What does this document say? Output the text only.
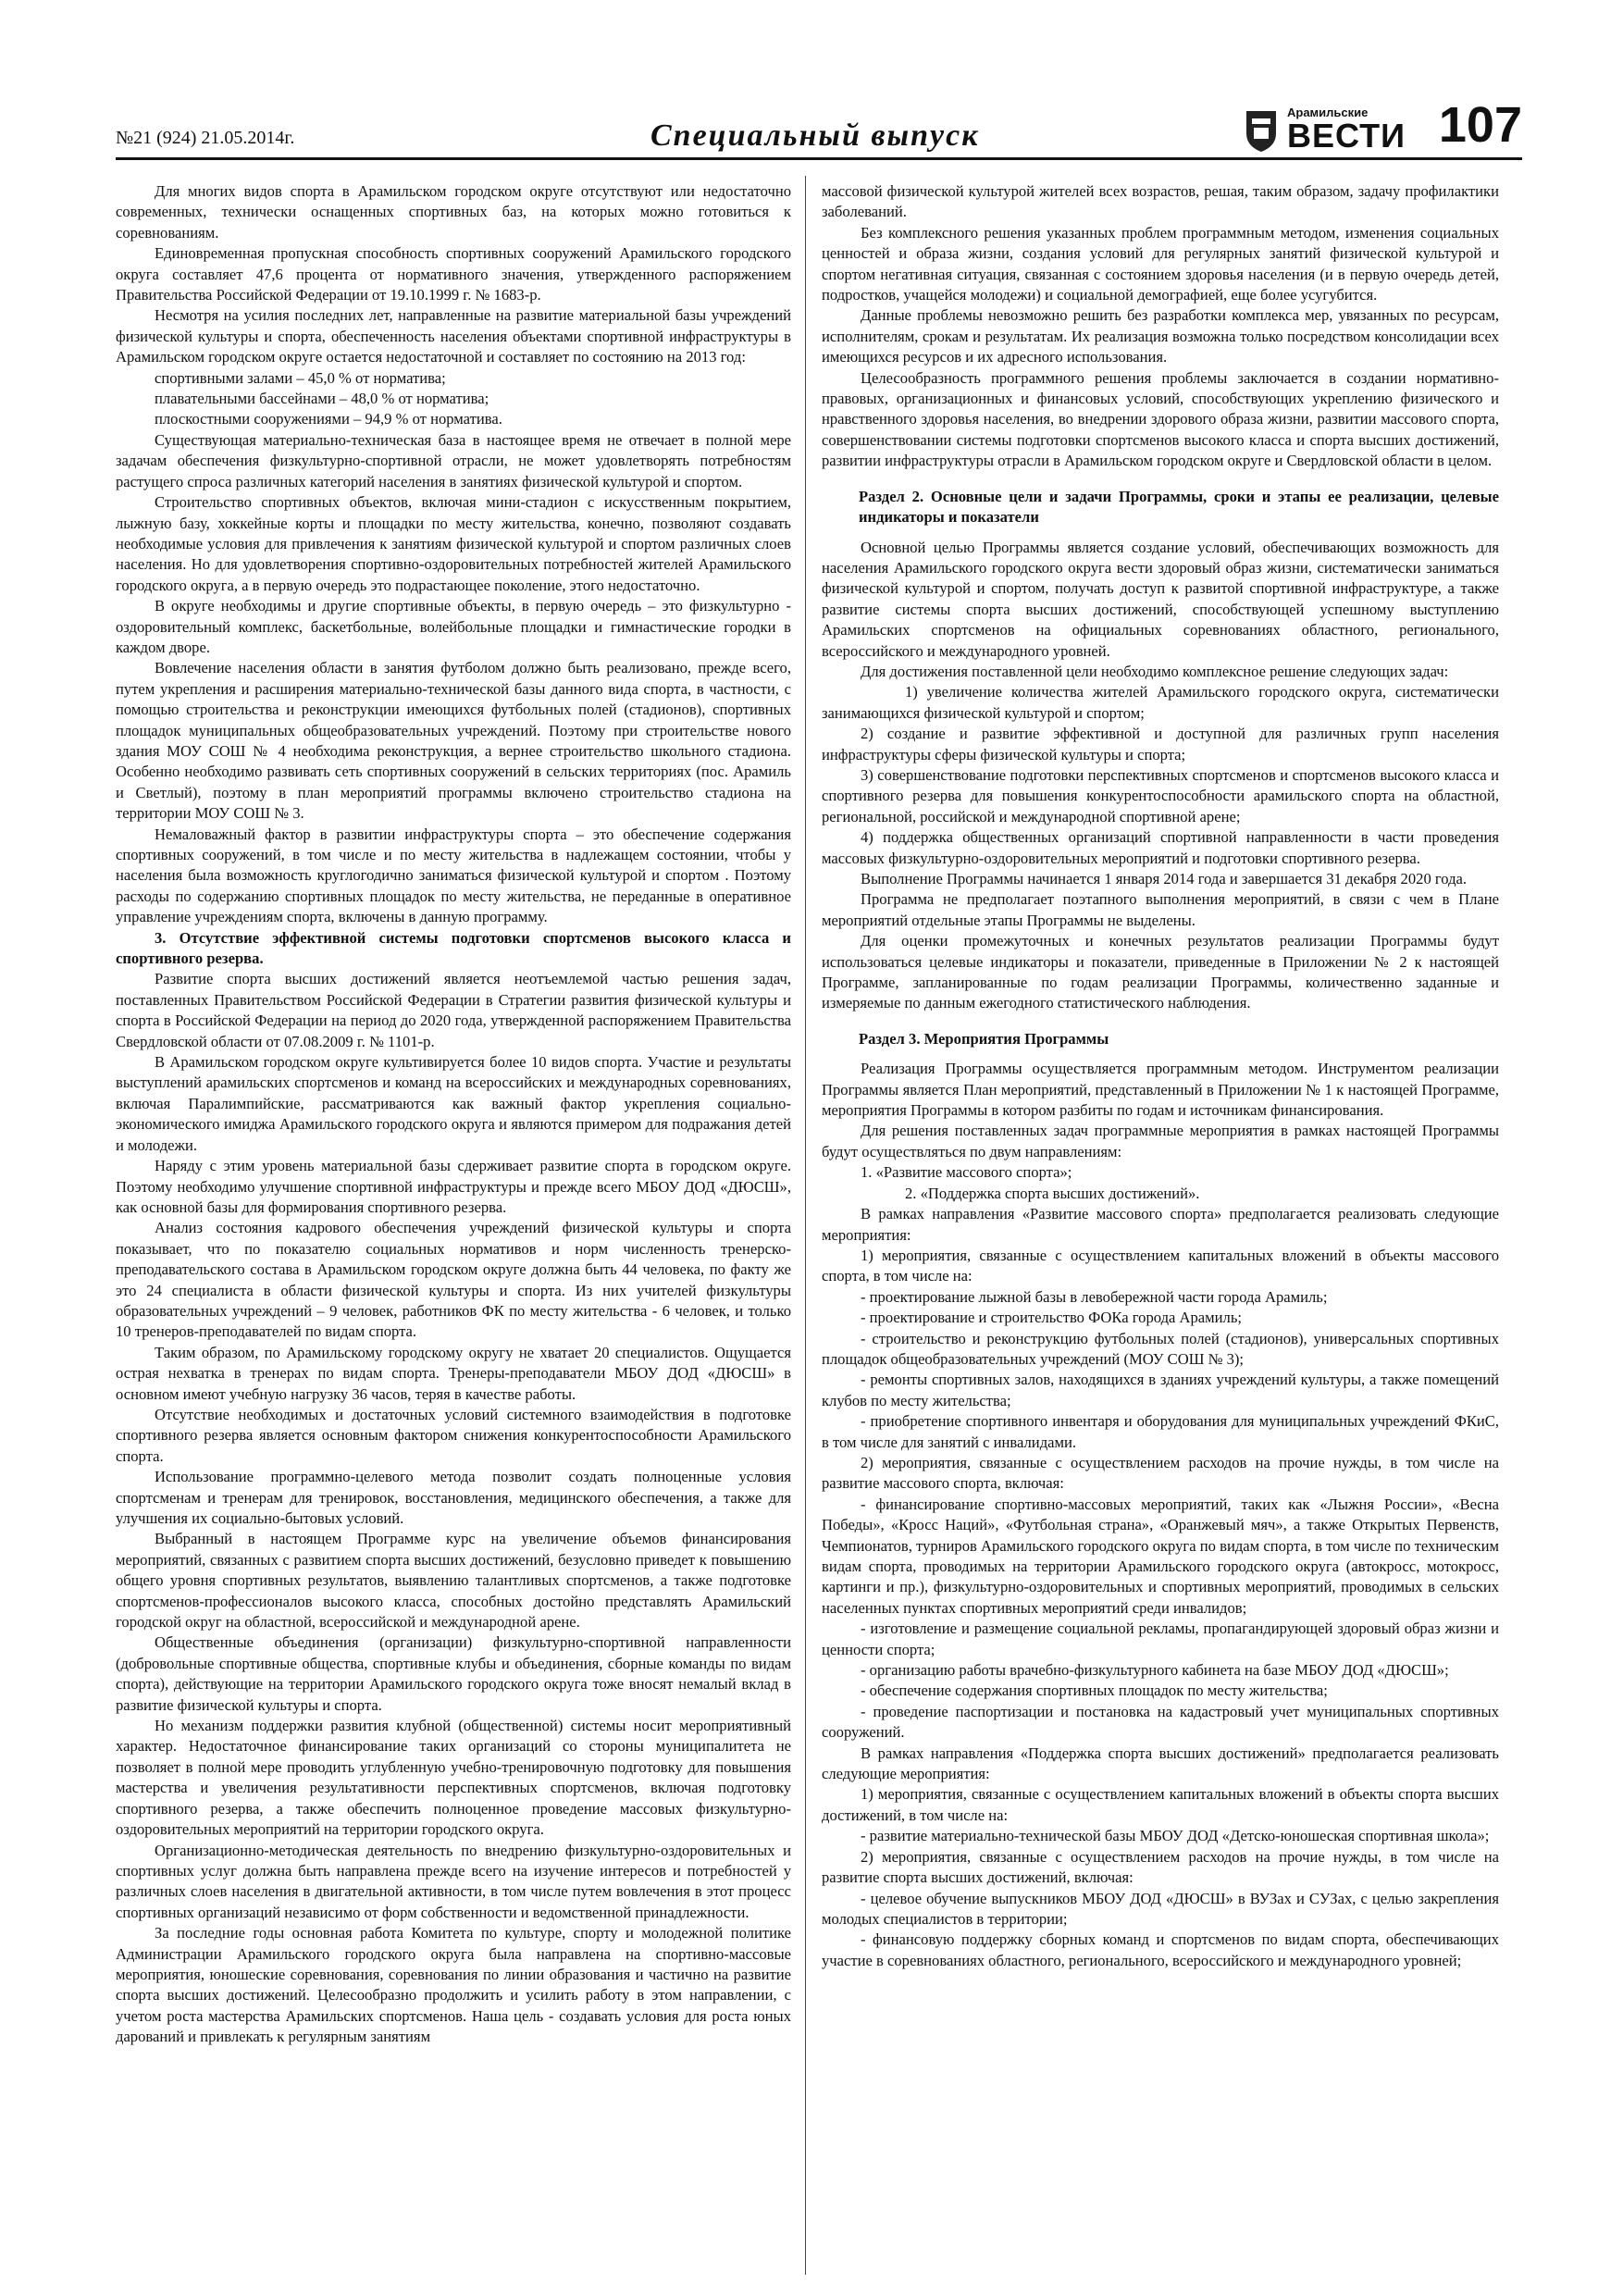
№21 (924) 21.05.2014г.	Специальный выпуск
Арамильские
ВЕСТИ 107

Для многих видов спорта в Арамильском городском округе отсутствуют или недостаточно современных, технически оснащенных спортивных баз, на которых можно готовиться к соревнованиям.

Единовременная пропускная способность спортивных сооружений Арамильского городского округа составляет 47,6 процента от нормативного значения, утвержденного распоряжением Правительства Российской Федерации от 19.10.1999 г. № 1683-р.

Несмотря на усилия последних лет, направленные на развитие материальной базы учреждений физической культуры и спорта, обеспеченность населения объектами спортивной инфраструктуры в Арамильском городском округе остается недостаточной и составляет по состоянию на 2013 год:

спортивными залами – 45,0 % от норматива;

плавательными бассейнами – 48,0 % от норматива;

плоскостными сооружениями – 94,9 % от норматива.

Существующая материально-техническая база в настоящее время не отвечает в полной мере задачам обеспечения физкультурно-спортивной отрасли, не может удовлетворять потребностям растущего спроса различных категорий населения в занятиях физической культурой и спортом.

Строительство спортивных объектов, включая мини-стадион с искусственным покрытием, лыжную базу, хоккейные корты и площадки по месту жительства, конечно, позволяют создавать необходимые условия для привлечения к занятиям физической культурой и спортом различных слоев населения. Но для удовлетворения спортивно-оздоровительных потребностей жителей Арамильского городского округа, а в первую очередь это подрастающее поколение, этого недостаточно.

В округе необходимы и другие спортивные объекты, в первую очередь – это физкультурно - оздоровительный комплекс, баскетбольные, волейбольные площадки и гимнастические городки в каждом дворе.

Вовлечение населения области в занятия футболом должно быть реализовано, прежде всего, путем укрепления и расширения материально-технической базы данного вида спорта, в частности, с помощью строительства и реконструкции имеющихся футбольных полей (стадионов), спортивных площадок муниципальных общеобразовательных учреждений. Поэтому при строительстве нового здания МОУ СОШ № 4 необходима реконструкция, а вернее строительство школьного стадиона. Особенно необходимо развивать сеть спортивных сооружений в сельских территориях (пос. Арамиль и Светлый), поэтому в план мероприятий программы включено строительство стадиона на территории МОУ СОШ № 3.

Немаловажный фактор в развитии инфраструктуры спорта – это обеспечение содержания спортивных сооружений, в том числе и по месту жительства в надлежащем состоянии, чтобы у населения была возможность круглогодично заниматься физической культурой и спортом . Поэтому расходы по содержанию спортивных площадок по месту жительства, не переданные в оперативное управление учреждениям спорта, включены в данную программу.

3. Отсутствие эффективной системы подготовки спортсменов высокого класса и спортивного резерва.

Развитие спорта высших достижений является неотъемлемой частью решения задач, поставленных Правительством Российской Федерации в Стратегии развития физической культуры и спорта в Российской Федерации на период до 2020 года, утвержденной распоряжением Правительства Свердловской области от 07.08.2009 г. № 1101-р.

В Арамильском городском округе культивируется более 10 видов спорта. Участие и результаты выступлений арамильских спортсменов и команд на всероссийских и международных соревнованиях, включая Паралимпийские, рассматриваются как важный фактор укрепления социально-экономического имиджа Арамильского городского округа и являются примером для подражания детей и молодежи.

Наряду с этим уровень материальной базы сдерживает развитие спорта в городском округе. Поэтому необходимо улучшение спортивной инфраструктуры и прежде всего МБОУ ДОД «ДЮСШ», как основной базы для формирования спортивного резерва.

Анализ состояния кадрового обеспечения учреждений физической культуры и спорта показывает, что по показателю социальных нормативов и норм численность тренерско-преподавательского состава в Арамильском городском округе должна быть 44 человека, по факту же это 24 специалиста в области физической культуры и спорта. Из них учителей физкультуры образовательных учреждений – 9 человек, работников ФК по месту жительства - 6 человек, и только 10 тренеров-преподавателей по видам спорта.

Таким образом, по Арамильскому городскому округу не хватает 20 специалистов. Ощущается острая нехватка в тренерах по видам спорта. Тренеры-преподаватели МБОУ ДОД «ДЮСШ» в основном имеют учебную нагрузку 36 часов, теряя в качестве работы.

Отсутствие необходимых и достаточных условий системного взаимодействия в подготовке спортивного резерва является основным фактором снижения конкурентоспособности Арамильского спорта.

Использование программно-целевого метода позволит создать полноценные условия спортсменам и тренерам для тренировок, восстановления, медицинского обеспечения, а также для улучшения их социально-бытовых условий.

Выбранный в настоящем Программе курс на увеличение объемов финансирования мероприятий, связанных с развитием спорта высших достижений, безусловно приведет к повышению общего уровня спортивных результатов, выявлению талантливых спортсменов, а также подготовке спортсменов-профессионалов высокого класса, способных достойно представлять Арамильский городской округ на областной, всероссийской и международной арене.

Общественные объединения (организации) физкультурно-спортивной направленности (добровольные спортивные общества, спортивные клубы и объединения, сборные команды по видам спорта), действующие на территории Арамильского городского округа тоже вносят немалый вклад в развитие физической культуры и спорта.

Но механизм поддержки развития клубной (общественной) системы носит мероприятивный характер. Недостаточное финансирование таких организаций со стороны муниципалитета не позволяет в полной мере проводить углубленную учебно-тренировочную подготовку для повышения мастерства и увеличения результативности перспективных спортсменов, включая подготовку спортивного резерва, а также обеспечить полноценное проведение массовых физкультурно-оздоровительных мероприятий на территории городского округа.

Организационно-методическая деятельность по внедрению физкультурно-оздоровительных и спортивных услуг должна быть направлена прежде всего на изучение интересов и потребностей у различных слоев населения в двигательной активности, в том числе путем вовлечения в этот процесс спортивных организаций независимо от форм собственности и ведомственной принадлежности.

За последние годы основная работа Комитета по культуре, спорту и молодежной политике Администрации Арамильского городского округа была направлена на спортивно-массовые мероприятия, юношеские соревнования, соревнования по линии образования и частично на развитие спорта высших достижений. Целесообразно продолжить и усилить работу в этом направлении, с учетом роста мастерства Арамильских спортсменов. Наша цель - создавать условия для роста юных дарований и привлекать к регулярным занятиям

массовой физической культурой жителей всех возрастов, решая, таким образом, задачу профилактики заболеваний.

Без комплексного решения указанных проблем программным методом, изменения социальных ценностей и образа жизни, создания условий для регулярных занятий физической культурой и спортом негативная ситуация, связанная с состоянием здоровья населения (и в первую очередь детей, подростков, учащейся молодежи) и социальной демографией, еще более усугубится.

Данные проблемы невозможно решить без разработки комплекса мер, увязанных по ресурсам, исполнителям, срокам и результатам. Их реализация возможна только посредством консолидации всех имеющихся ресурсов и их адресного использования.

Целесообразность программного решения проблемы заключается в создании нормативно-правовых, организационных и финансовых условий, способствующих укреплению физического и нравственного здоровья населения, во внедрении здорового образа жизни, развитии массового спорта, совершенствовании системы подготовки спортсменов высокого класса и спорта высших достижений, развитии инфраструктуры отрасли в Арамильском городском округе и Свердловской области в целом.

Раздел 2. Основные цели и задачи Программы, сроки и этапы ее реализации, целевые индикаторы и показатели

Основной целью Программы является создание условий, обеспечивающих возможность для населения Арамильского городского округа вести здоровый образ жизни, систематически заниматься физической культурой и спортом, получать доступ к развитой спортивной инфраструктуре, а также развитие системы спорта высших достижений, способствующей успешному выступлению Арамильских спортсменов на официальных соревнованиях областного, регионального, всероссийского и международного уровней.

Для достижения поставленной цели необходимо комплексное решение следующих задач:

1) увеличение количества жителей Арамильского городского округа, систематически занимающихся физической культурой и спортом;

2) создание и развитие эффективной и доступной для различных групп населения инфраструктуры сферы физической культуры и спорта;

3) совершенствование подготовки перспективных спортсменов и спортсменов высокого класса и спортивного резерва для повышения конкурентоспособности арамильского спорта на областной, региональной, российской и международной спортивной арене;

4) поддержка общественных организаций спортивной направленности в части проведения массовых физкультурно-оздоровительных мероприятий и подготовки спортивного резерва.

Выполнение Программы начинается 1 января 2014 года и завершается 31 декабря 2020 года.

Программа не предполагает поэтапного выполнения мероприятий, в связи с чем в Плане мероприятий отдельные этапы Программы не выделены.

Для оценки промежуточных и конечных результатов реализации Программы будут использоваться целевые индикаторы и показатели, приведенные в Приложении № 2 к настоящей Программе, запланированные по годам реализации Программы, количественно заданные и измеряемые по данным ежегодного статистического наблюдения.

Раздел 3. Мероприятия Программы

Реализация Программы осуществляется программным методом. Инструментом реализации Программы является План мероприятий, представленный в Приложении № 1 к настоящей Программе, мероприятия Программы в котором разбиты по годам и источникам финансирования.

Для решения поставленных задач программные мероприятия в рамках настоящей Программы будут осуществляться по двум направлениям:

1. «Развитие массового спорта»;

2. «Поддержка спорта высших достижений».

В рамках направления «Развитие массового спорта» предполагается реализовать следующие мероприятия:

1) мероприятия, связанные с осуществлением капитальных вложений в объекты массового спорта, в том числе на:

- проектирование лыжной базы в левобережной части города Арамиль;

- проектирование и строительство ФОКа города Арамиль;

- строительство и реконструкцию футбольных полей (стадионов), универсальных спортивных площадок общеобразовательных учреждений (МОУ СОШ № 3);

- ремонты спортивных залов, находящихся в зданиях учреждений культуры, а также помещений клубов по месту жительства;

- приобретение спортивного инвентаря и оборудования для муниципальных учреждений ФКиС, в том числе для занятий с инвалидами.

2) мероприятия, связанные с осуществлением расходов на прочие нужды, в том числе на развитие массового спорта, включая:

- финансирование спортивно-массовых мероприятий, таких как «Лыжня России», «Весна Победы», «Кросс Наций», «Футбольная страна», «Оранжевый мяч», а также Открытых Первенств, Чемпионатов, турниров Арамильского городского округа по видам спорта, в том числе по техническим видам спорта, проводимых на территории Арамильского городского округа (автокросс, мотокросс, картинги и пр.), физкультурно-оздоровительных и спортивных мероприятий, проводимых в сельских населенных пунктах спортивных мероприятий среди инвалидов;

- изготовление и размещение социальной рекламы, пропагандирующей здоровый образ жизни и ценности спорта;

- организацию работы врачебно-физкультурного кабинета на базе МБОУ ДОД «ДЮСШ»;

- обеспечение содержания спортивных площадок по месту жительства;

- проведение паспортизации и постановка на кадастровый учет муниципальных спортивных сооружений.

В рамках направления «Поддержка спорта высших достижений» предполагается реализовать следующие мероприятия:

1) мероприятия, связанные с осуществлением капитальных вложений в объекты спорта высших достижений, в том числе на:

- развитие материально-технической базы МБОУ ДОД «Детско-юношеская спортивная школа»;

2) мероприятия, связанные с осуществлением расходов на прочие нужды, в том числе на развитие спорта высших достижений, включая:

- целевое обучение выпускников МБОУ ДОД «ДЮСШ» в ВУЗах и СУЗах, с целью закрепления молодых специалистов в территории;

- финансовую поддержку сборных команд и спортсменов по видам спорта, обеспечивающих участие в соревнованиях областного, регионального, всероссийского и международного уровней;
